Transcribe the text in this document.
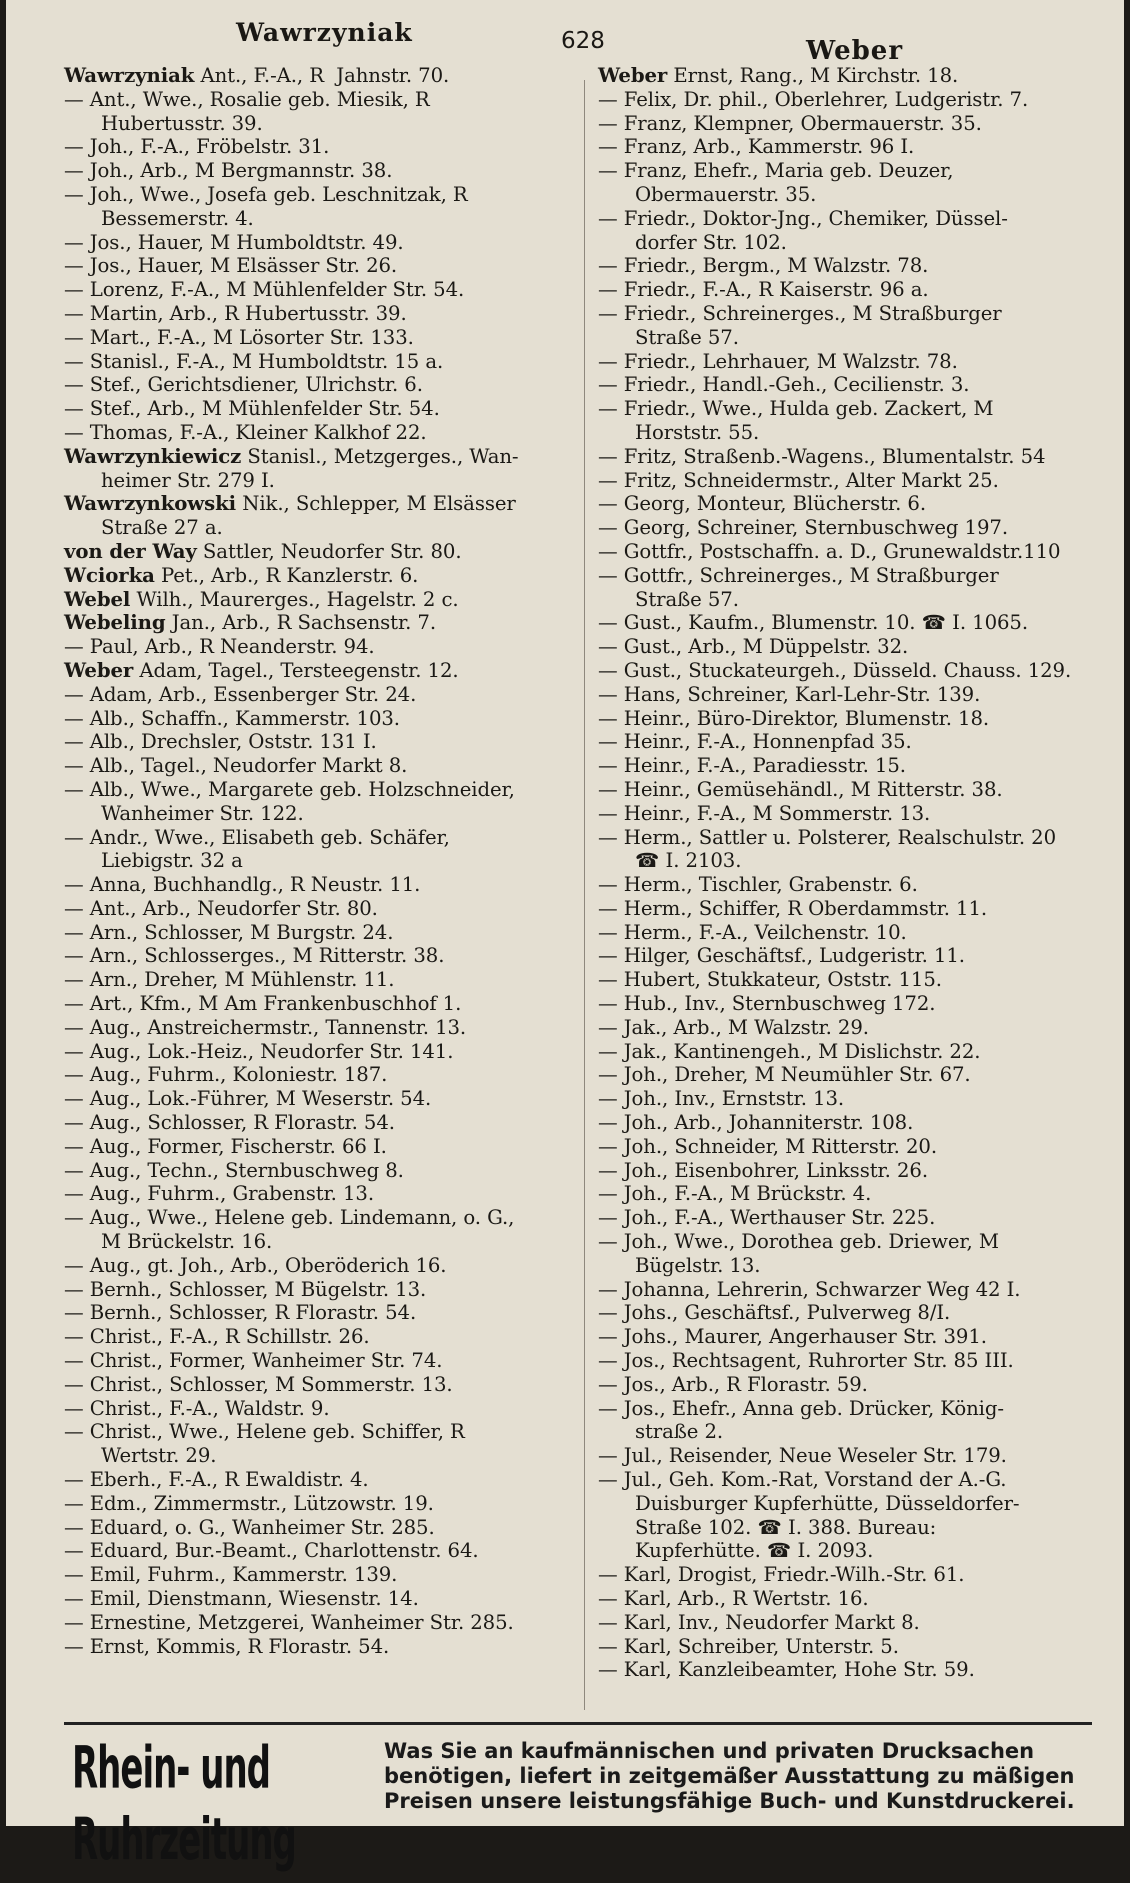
Wawrzyniak	628	Weber
Wawrzyniak Ant., F.-A., R  Jahnstr. 70.
— Ant., Wwe., Rosalie geb. Miesik, R
Hubertusstr. 39.
— Joh., F.-A., Fröbelstr. 31.
— Joh., Arb., M Bergmannstr. 38.
— Joh., Wwe., Josefa geb. Leschnitzak, R
Bessemerstr. 4.
— Jos., Hauer, M Humboldtstr. 49.
— Jos., Hauer, M Elsässer Str. 26.
— Lorenz, F.-A., M Mühlenfelder Str. 54.
— Martin, Arb., R Hubertusstr. 39.
— Mart., F.-A., M Lösorter Str. 133.
— Stanisl., F.-A., M Humboldtstr. 15 a.
— Stef., Gerichtsdiener, Ulrichstr. 6.
— Stef., Arb., M Mühlenfelder Str. 54.
— Thomas, F.-A., Kleiner Kalkhof 22.
Wawrzynkiewicz Stanisl., Metzgerges., Wan-
heimer Str. 279 I.
Wawrzynkowski Nik., Schlepper, M Elsässer
Straße 27 a.
von der Way Sattler, Neudorfer Str. 80.
Wciorka Pet., Arb., R Kanzlerstr. 6.
Webel Wilh., Maurerges., Hagelstr. 2 c.
Webeling Jan., Arb., R Sachsenstr. 7.
— Paul, Arb., R Neanderstr. 94.
Weber Adam, Tagel., Tersteegenstr. 12.
— Adam, Arb., Essenberger Str. 24.
— Alb., Schaffn., Kammerstr. 103.
— Alb., Drechsler, Oststr. 131 I.
— Alb., Tagel., Neudorfer Markt 8.
— Alb., Wwe., Margarete geb. Holzschneider,
Wanheimer Str. 122.
— Andr., Wwe., Elisabeth geb. Schäfer,
Liebigstr. 32 a
— Anna, Buchhandlg., R Neustr. 11.
— Ant., Arb., Neudorfer Str. 80.
— Arn., Schlosser, M Burgstr. 24.
— Arn., Schlosserges., M Ritterstr. 38.
— Arn., Dreher, M Mühlenstr. 11.
— Art., Kfm., M Am Frankenbuschhof 1.
— Aug., Anstreichermstr., Tannenstr. 13.
— Aug., Lok.-Heiz., Neudorfer Str. 141.
— Aug., Fuhrm., Koloniestr. 187.
— Aug., Lok.-Führer, M Weserstr. 54.
— Aug., Schlosser, R Florastr. 54.
— Aug., Former, Fischerstr. 66 I.
— Aug., Techn., Sternbuschweg 8.
— Aug., Fuhrm., Grabenstr. 13.
— Aug., Wwe., Helene geb. Lindemann, o. G.,
M Brückelstr. 16.
— Aug., gt. Joh., Arb., Oberöderich 16.
— Bernh., Schlosser, M Bügelstr. 13.
— Bernh., Schlosser, R Florastr. 54.
— Christ., F.-A., R Schillstr. 26.
— Christ., Former, Wanheimer Str. 74.
— Christ., Schlosser, M Sommerstr. 13.
— Christ., F.-A., Waldstr. 9.
— Christ., Wwe., Helene geb. Schiffer, R
Wertstr. 29.
— Eberh., F.-A., R Ewaldistr. 4.
— Edm., Zimmermstr., Lützowstr. 19.
— Eduard, o. G., Wanheimer Str. 285.
— Eduard, Bur.-Beamt., Charlottenstr. 64.
— Emil, Fuhrm., Kammerstr. 139.
— Emil, Dienstmann, Wiesenstr. 14.
— Ernestine, Metzgerei, Wanheimer Str. 285.
— Ernst, Kommis, R Florastr. 54.
Weber Ernst, Rang., M Kirchstr. 18.
— Felix, Dr. phil., Oberlehrer, Ludgeristr. 7.
— Franz, Klempner, Obermauerstr. 35.
— Franz, Arb., Kammerstr. 96 I.
— Franz, Ehefr., Maria geb. Deuzer,
Obermauerstr. 35.
— Friedr., Doktor-Jng., Chemiker, Düssel-
dorfer Str. 102.
— Friedr., Bergm., M Walzstr. 78.
— Friedr., F.-A., R Kaiserstr. 96 a.
— Friedr., Schreinerges., M Straßburger
Straße 57.
— Friedr., Lehrhauer, M Walzstr. 78.
— Friedr., Handl.-Geh., Cecilienstr. 3.
— Friedr., Wwe., Hulda geb. Zackert, M
Horststr. 55.
— Fritz, Straßenb.-Wagens., Blumentalstr. 54
— Fritz, Schneidermstr., Alter Markt 25.
— Georg, Monteur, Blücherstr. 6.
— Georg, Schreiner, Sternbuschweg 197.
— Gottfr., Postschaffn. a. D., Grunewaldstr.110
— Gottfr., Schreinerges., M Straßburger
Straße 57.
— Gust., Kaufm., Blumenstr. 10. ☎ I. 1065.
— Gust., Arb., M Düppelstr. 32.
— Gust., Stuckateurgeh., Düsseld. Chauss. 129.
— Hans, Schreiner, Karl-Lehr-Str. 139.
— Heinr., Büro-Direktor, Blumenstr. 18.
— Heinr., F.-A., Honnenpfad 35.
— Heinr., F.-A., Paradiesstr. 15.
— Heinr., Gemüsehändl., M Ritterstr. 38.
— Heinr., F.-A., M Sommerstr. 13.
— Herm., Sattler u. Polsterer, Realschulstr. 20
☎ I. 2103.
— Herm., Tischler, Grabenstr. 6.
— Herm., Schiffer, R Oberdammstr. 11.
— Herm., F.-A., Veilchenstr. 10.
— Hilger, Geschäftsf., Ludgeristr. 11.
— Hubert, Stukkateur, Oststr. 115.
— Hub., Inv., Sternbuschweg 172.
— Jak., Arb., M Walzstr. 29.
— Jak., Kantinengeh., M Dislichstr. 22.
— Joh., Dreher, M Neumühler Str. 67.
— Joh., Inv., Ernststr. 13.
— Joh., Arb., Johanniterstr. 108.
— Joh., Schneider, M Ritterstr. 20.
— Joh., Eisenbohrer, Linksstr. 26.
— Joh., F.-A., M Brückstr. 4.
— Joh., F.-A., Werthauser Str. 225.
— Joh., Wwe., Dorothea geb. Driewer, M
Bügelstr. 13.
— Johanna, Lehrerin, Schwarzer Weg 42 I.
— Johs., Geschäftsf., Pulverweg 8/I.
— Johs., Maurer, Angerhauser Str. 391.
— Jos., Rechtsagent, Ruhrorter Str. 85 III.
— Jos., Arb., R Florastr. 59.
— Jos., Ehefr., Anna geb. Drücker, König-
straße 2.
— Jul., Reisender, Neue Weseler Str. 179.
— Jul., Geh. Kom.-Rat, Vorstand der A.-G.
Duisburger Kupferhütte, Düsseldorfer-
Straße 102. ☎ I. 388. Bureau:
Kupferhütte. ☎ I. 2093.
— Karl, Drogist, Friedr.-Wilh.-Str. 61.
— Karl, Arb., R Wertstr. 16.
— Karl, Inv., Neudorfer Markt 8.
— Karl, Schreiber, Unterstr. 5.
— Karl, Kanzleibeamter, Hohe Str. 59.
Rhein- und Ruhrzeitung
Was Sie an kaufmännischen und privaten Drucksachen
benötigen, liefert in zeitgemäßer Ausstattung zu mäßigen
Preisen unsere leistungsfähige Buch- und Kunstdruckerei.
